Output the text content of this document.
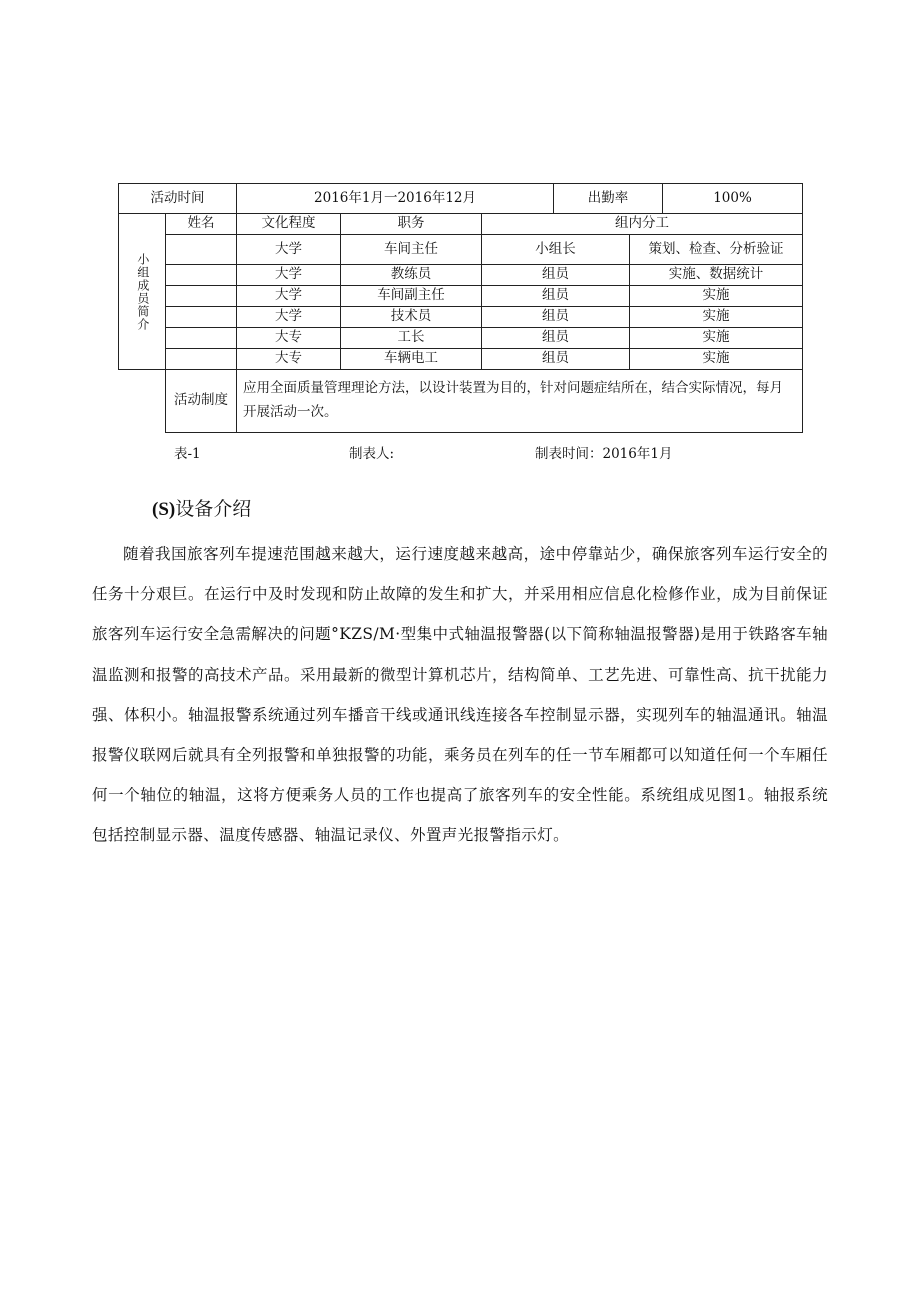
活动时间		2016年1月一2016年12月			出勤率		100%
小组成员简介	姓名	文化程度	职务	组内分工			
		大学	车间主任	小组长		策划、检查、分析验证	
		大学	教练员	组员		实施、数据统计	
		大学	车间副主任	组员		实施	
		大学	技术员	组员		实施	
		大专	工长	组员		实施	
		大专	车辆电工	组员		实施	
	活动制度	应用全面质量管理理论方法，以设计装置为目的，针对问题症结所在，结合实际情况，每月开展活动一次。					
表-1	制表人:	制表时间：2016年1月
(S)设备介绍
随着我国旅客列车提速范围越来越大，运行速度越来越高，途中停靠站少，确保旅客列车运行安全的任务十分艰巨。在运行中及时发现和防止故障的发生和扩大，并采用相应信息化检修作业，成为目前保证旅客列车运行安全急需解决的问题°KZS/M·型集中式轴温报警器(以下简称轴温报警器)是用于铁路客车轴温监测和报警的高技术产品。采用最新的微型计算机芯片，结构简单、工艺先进、可靠性高、抗干扰能力强、体积小。轴温报警系统通过列车播音干线或通讯线连接各车控制显示器，实现列车的轴温通讯。轴温报警仪联网后就具有全列报警和单独报警的功能，乘务员在列车的任一节车厢都可以知道任何一个车厢任何一个轴位的轴温，这将方便乘务人员的工作也提高了旅客列车的安全性能。系统组成见图1。轴报系统包括控制显示器、温度传感器、轴温记录仪、外置声光报警指示灯。
